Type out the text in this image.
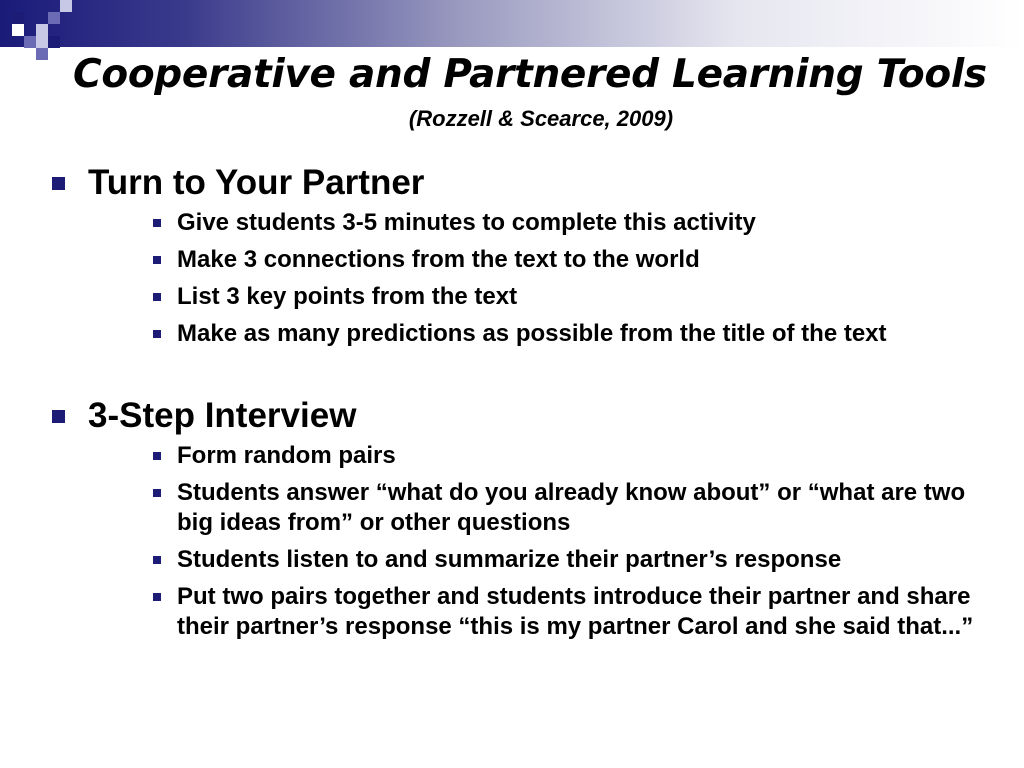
Cooperative and Partnered Learning Tools

(Rozzell & Scearce, 2009)

Turn to Your Partner
Give students 3-5 minutes to complete this activity
Make 3 connections from the text to the world
List 3 key points from the text
Make as many predictions as possible from the title of the text
3-Step Interview
Form random pairs
Students answer “what do you already know about” or “what are two big ideas from” or other questions
Students listen to and summarize their partner’s response
Put two pairs together and students introduce their partner and share their partner’s response “this is my partner Carol and she said that...”
